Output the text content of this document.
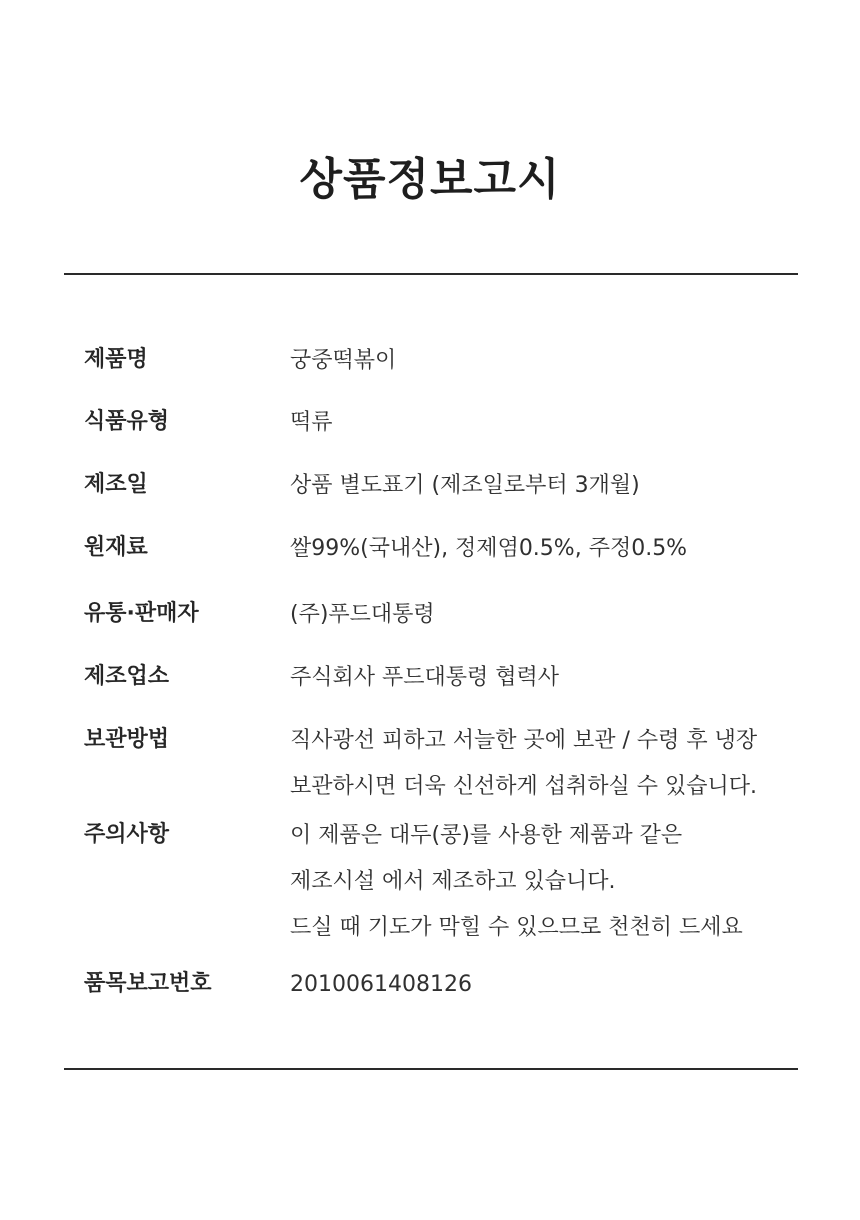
상품정보고시
제품명	궁중떡볶이
식품유형	떡류
제조일	상품 별도표기 (제조일로부터 3개월)
원재료	쌀99%(국내산), 정제염0.5%, 주정0.5%
유통·판매자	(주)푸드대통령
제조업소	주식회사 푸드대통령 협력사
보관방법	직사광선 피하고 서늘한 곳에 보관 / 수령 후 냉장
보관하시면 더욱 신선하게 섭취하실 수 있습니다.
주의사항	이 제품은 대두(콩)를 사용한 제품과 같은
제조시설 에서 제조하고 있습니다.
드실 때 기도가 막힐 수 있으므로 천천히 드세요
품목보고번호	2010061408126
